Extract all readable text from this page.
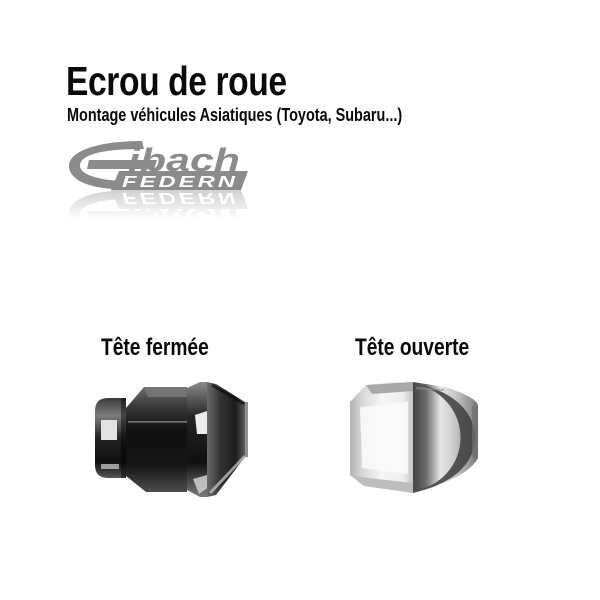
Ecrou de roue
Montage véhicules Asiatiques (Toyota, Subaru...)
Tête fermée	Tête ouverte
